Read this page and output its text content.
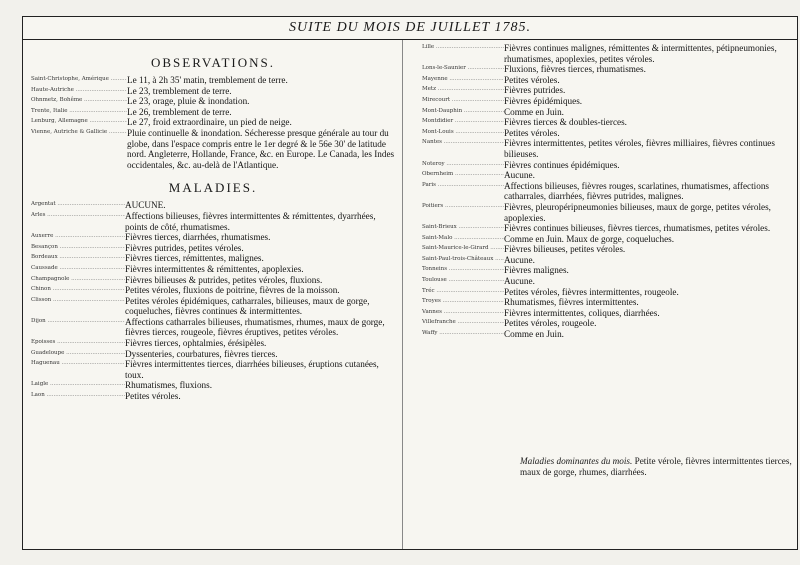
SUITE DU MOIS DE JUILLET 1785.
OBSERVATIONS.
Saint-Christophe, Amérique .....	Le 11, à 2h 35' matin, tremblement de terre.
Haute-Autriche .....	Le 23, tremblement de terre.
Ohnmetz, Bohême .....	Le 23, orage, pluie & inondation.
Trente, Italie .....	Le 26, tremblement de terre.
Lenburg, Allemagne .....	Le 27, froid extraordinaire, un pied de neige.
Vienne, Autriche & Gallicie .....	Pluie continuelle & inondation. Sécheresse presque générale au tour du globe, dans l'espace compris entre le 1er degré & le 56e 30' de latitude nord. Angleterre, Hollande, France, &c. en Europe. Le Canada, les Indes occidentales, &c. au-delà de l'Atlantique.
MALADIES.
Argentat .....	AUCUNE.
Arles .....	Affections bilieuses, fièvres intermittentes & rémittentes, dyarrhées, points de côté, rhumatismes.
Auxerre .....	Fièvres tierces, diarrhées, rhumatismes.
Besançon .....	Fièvres putrides, petites véroles.
Bordeaux .....	Fièvres tierces, rémittentes, malignes.
Caussade .....	Fièvres intermittentes & rémittentes, apoplexies.
Champagnole .....	Fièvres bilieuses & putrides, petites véroles, fluxions.
Chinon .....	Petites véroles, fluxions de poitrine, fièvres de la moisson.
Clisson .....	Petites véroles épidémiques, catharrales, bilieuses, maux de gorge, coqueluches, fièvres continues & intermittentes.
Dijon .....	Affections catharrales bilieuses, rhumatismes, rhumes, maux de gorge, fièvres tierces, rougeole, fièvres éruptives, petites véroles.
Epoisses .....	Fièvres tierces, ophtalmies, érésipèles.
Guadeloupe .....	Dyssenteries, courbatures, fièvres tierces.
Haguenau .....	Fièvres intermittentes tierces, diarrhées bilieuses, éruptions cutanées, toux.
Laigle .....	Rhumatismes, fluxions.
Laon .....	Petites véroles.
Lille .....	Fièvres continues malignes, rémittentes & intermittentes, pétipneumonies, rhumatismes, apoplexies, petites véroles.
Lons-le-Saunier .....	Fluxions, fièvres tierces, rhumatismes.
Mayenne .....	Petites véroles.
Metz .....	Fièvres putrides.
Mirecourt .....	Fièvres épidémiques.
Mont-Dauphin .....	Comme en Juin.
Montdidier .....	Fièvres tierces & doubles-tierces.
Mont-Louis .....	Petites véroles.
Nantes .....	Fièvres intermittentes, petites véroles, fièvres milliaires, fièvres continues bilieuses.
Noteroy .....	Fièvres continues épidémiques.
Obernheim .....	Aucune.
Paris .....	Affections bilieuses, fièvres rouges, scarlatines, rhumatismes, affections catharrales, diarrhées, fièvres putrides, malignes.
Poitiers .....	Fièvres, pleuropéripneumonies bilieuses, maux de gorge, petites véroles, apoplexies.
Saint-Brieux .....	Fièvres continues bilieuses, fièvres tierces, rhumatismes, petites véroles.
Saint-Malo .....	Comme en Juin. Maux de gorge, coqueluches.
Saint-Maurice-le-Girard .....	Fièvres bilieuses, petites véroles.
Saint-Paul-trois-Châteaux .....	Aucune.
Tonneins .....	Fièvres malignes.
Toulouse .....	Aucune.
Tréc .....	Petites véroles, fièvres intermittentes, rougeole.
Troyes .....	Rhumatismes, fièvres intermittentes.
Vannes .....	Fièvres intermittentes, coliques, diarrhées.
Villefranche .....	Petites véroles, rougeole.
Waffy .....	Comme en Juin.
Maladies dominantes du mois. Petite vérole, fièvres intermittentes tierces, maux de gorge, rhumes, diarrhées.
